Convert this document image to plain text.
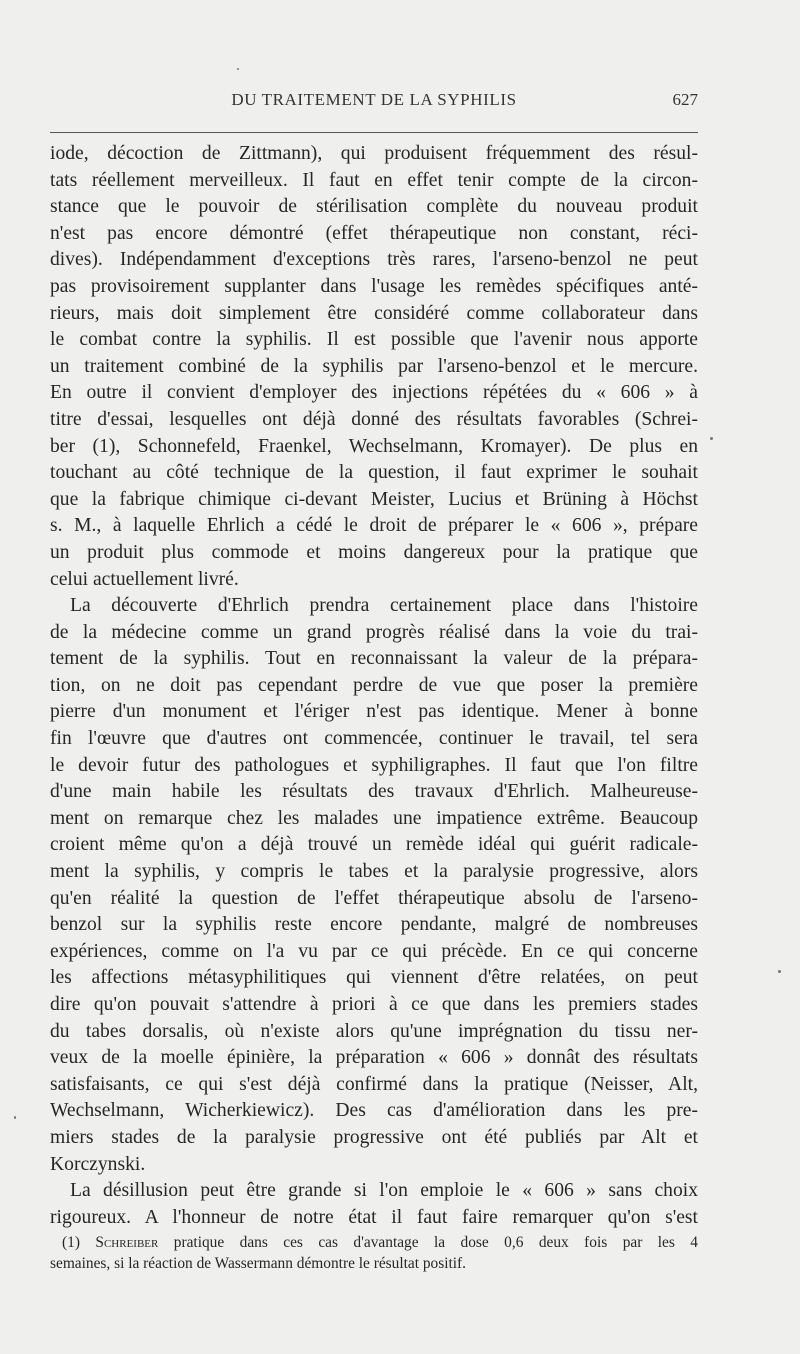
DU TRAITEMENT DE LA SYPHILIS	627
iode, décoction de Zittmann), qui produisent fréquemment des résul-
tats réellement merveilleux. Il faut en effet tenir compte de la circon-
stance que le pouvoir de stérilisation complète du nouveau produit
n'est pas encore démontré (effet thérapeutique non constant, réci-
dives). Indépendamment d'exceptions très rares, l'arseno-benzol ne peut
pas provisoirement supplanter dans l'usage les remèdes spécifiques anté-
rieurs, mais doit simplement être considéré comme collaborateur dans
le combat contre la syphilis. Il est possible que l'avenir nous apporte
un traitement combiné de la syphilis par l'arseno-benzol et le mercure.
En outre il convient d'employer des injections répétées du « 606 » à
titre d'essai, lesquelles ont déjà donné des résultats favorables (Schrei-
ber (1), Schonnefeld, Fraenkel, Wechselmann, Kromayer). De plus en
touchant au côté technique de la question, il faut exprimer le souhait
que la fabrique chimique ci-devant Meister, Lucius et Brüning à Höchst
s. M., à laquelle Ehrlich a cédé le droit de préparer le « 606 », prépare
un produit plus commode et moins dangereux pour la pratique que
celui actuellement livré.
La découverte d'Ehrlich prendra certainement place dans l'histoire
de la médecine comme un grand progrès réalisé dans la voie du trai-
tement de la syphilis. Tout en reconnaissant la valeur de la prépara-
tion, on ne doit pas cependant perdre de vue que poser la première
pierre d'un monument et l'ériger n'est pas identique. Mener à bonne
fin l'œuvre que d'autres ont commencée, continuer le travail, tel sera
le devoir futur des pathologues et syphiligraphes. Il faut que l'on filtre
d'une main habile les résultats des travaux d'Ehrlich. Malheureuse-
ment on remarque chez les malades une impatience extrême. Beaucoup
croient même qu'on a déjà trouvé un remède idéal qui guérit radicale-
ment la syphilis, y compris le tabes et la paralysie progressive, alors
qu'en réalité la question de l'effet thérapeutique absolu de l'arseno-
benzol sur la syphilis reste encore pendante, malgré de nombreuses
expériences, comme on l'a vu par ce qui précède. En ce qui concerne
les affections métasyphilitiques qui viennent d'être relatées, on peut
dire qu'on pouvait s'attendre à priori à ce que dans les premiers stades
du tabes dorsalis, où n'existe alors qu'une imprégnation du tissu ner-
veux de la moelle épinière, la préparation « 606 » donnât des résultats
satisfaisants, ce qui s'est déjà confirmé dans la pratique (Neisser, Alt,
Wechselmann, Wicherkiewicz). Des cas d'amélioration dans les pre-
miers stades de la paralysie progressive ont été publiés par Alt et
Korczynski.
La désillusion peut être grande si l'on emploie le « 606 » sans choix
rigoureux. A l'honneur de notre état il faut faire remarquer qu'on s'est
(1) Schreiber pratique dans ces cas d'avantage la dose 0,6 deux fois par les 4
semaines, si la réaction de Wassermann démontre le résultat positif.
